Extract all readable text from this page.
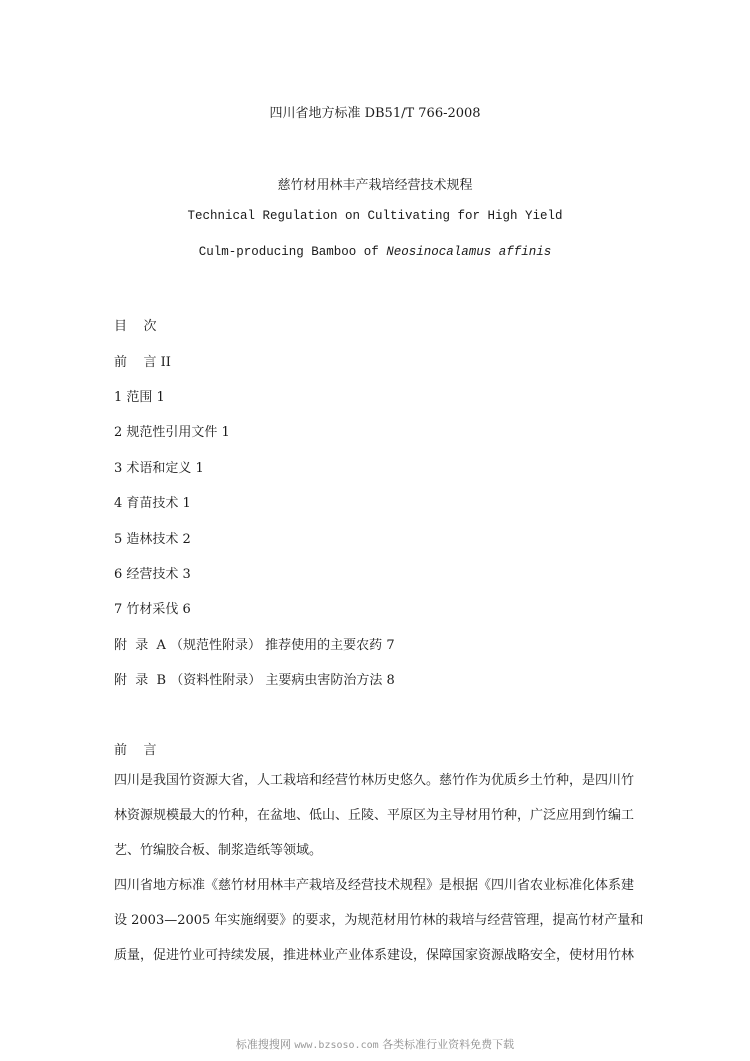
四川省地方标准 DB51/T 766-2008
慈竹材用林丰产栽培经营技术规程
Technical Regulation on Cultivating for High Yield
Culm-producing Bamboo of Neosinocalamus affinis
目    次
前    言 II
1 范围 1
2 规范性引用文件 1
3 术语和定义 1
4 育苗技术 1
5 造林技术 2
6 经营技术 3
7 竹材采伐 6
附  录  A （规范性附录） 推荐使用的主要农药 7
附  录  B （资料性附录） 主要病虫害防治方法 8
前    言
四川是我国竹资源大省，人工栽培和经营竹林历史悠久。慈竹作为优质乡土竹种，是四川竹
林资源规模最大的竹种，在盆地、低山、丘陵、平原区为主导材用竹种，广泛应用到竹编工
艺、竹编胶合板、制浆造纸等领域。
四川省地方标准《慈竹材用林丰产栽培及经营技术规程》是根据《四川省农业标准化体系建
设 2003—2005 年实施纲要》的要求，为规范材用竹林的栽培与经营管理，提高竹材产量和
质量，促进竹业可持续发展，推进林业产业体系建设，保障国家资源战略安全，使材用竹林
标准搜搜网 www.bzsoso.com 各类标准行业资料免费下载
